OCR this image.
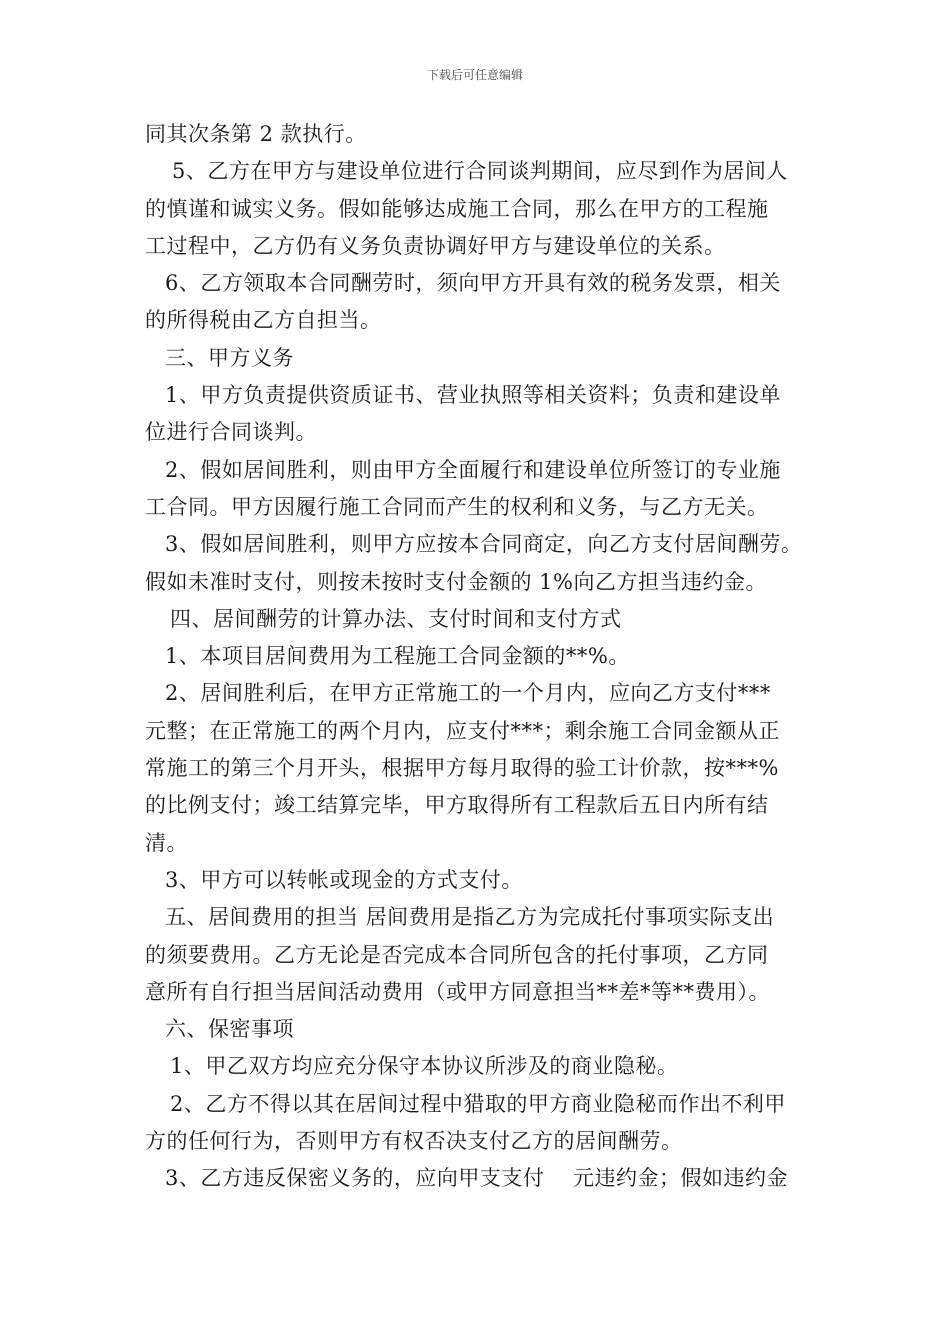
下载后可任意编辑
同其次条第 2 款执行。
5、乙方在甲方与建设单位进行合同谈判期间，应尽到作为居间人
的慎谨和诚实义务。假如能够达成施工合同，那么在甲方的工程施
工过程中，乙方仍有义务负责协调好甲方与建设单位的关系。
6、乙方领取本合同酬劳时，须向甲方开具有效的税务发票，相关
的所得税由乙方自担当。
三、甲方义务
1、甲方负责提供资质证书、营业执照等相关资料；负责和建设单
位进行合同谈判。
2、假如居间胜利，则由甲方全面履行和建设单位所签订的专业施
工合同。甲方因履行施工合同而产生的权利和义务，与乙方无关。
3、假如居间胜利，则甲方应按本合同商定，向乙方支付居间酬劳。
假如未准时支付，则按未按时支付金额的 1%向乙方担当违约金。
四、居间酬劳的计算办法、支付时间和支付方式
1、本项目居间费用为工程施工合同金额的**%。
2、居间胜利后，在甲方正常施工的一个月内，应向乙方支付***
元整；在正常施工的两个月内，应支付***；剩余施工合同金额从正
常施工的第三个月开头，根据甲方每月取得的验工计价款，按***%
的比例支付；竣工结算完毕，甲方取得所有工程款后五日内所有结
清。
3、甲方可以转帐或现金的方式支付。
五、居间费用的担当 居间费用是指乙方为完成托付事项实际支出
的须要费用。乙方无论是否完成本合同所包含的托付事项，乙方同
意所有自行担当居间活动费用（或甲方同意担当**差*等**费用）。
六、保密事项
1、甲乙双方均应充分保守本协议所涉及的商业隐秘。
2、乙方不得以其在居间过程中猎取的甲方商业隐秘而作出不利甲
方的任何行为，否则甲方有权否决支付乙方的居间酬劳。
3、乙方违反保密义务的，应向甲支支付　 元违约金；假如违约金
